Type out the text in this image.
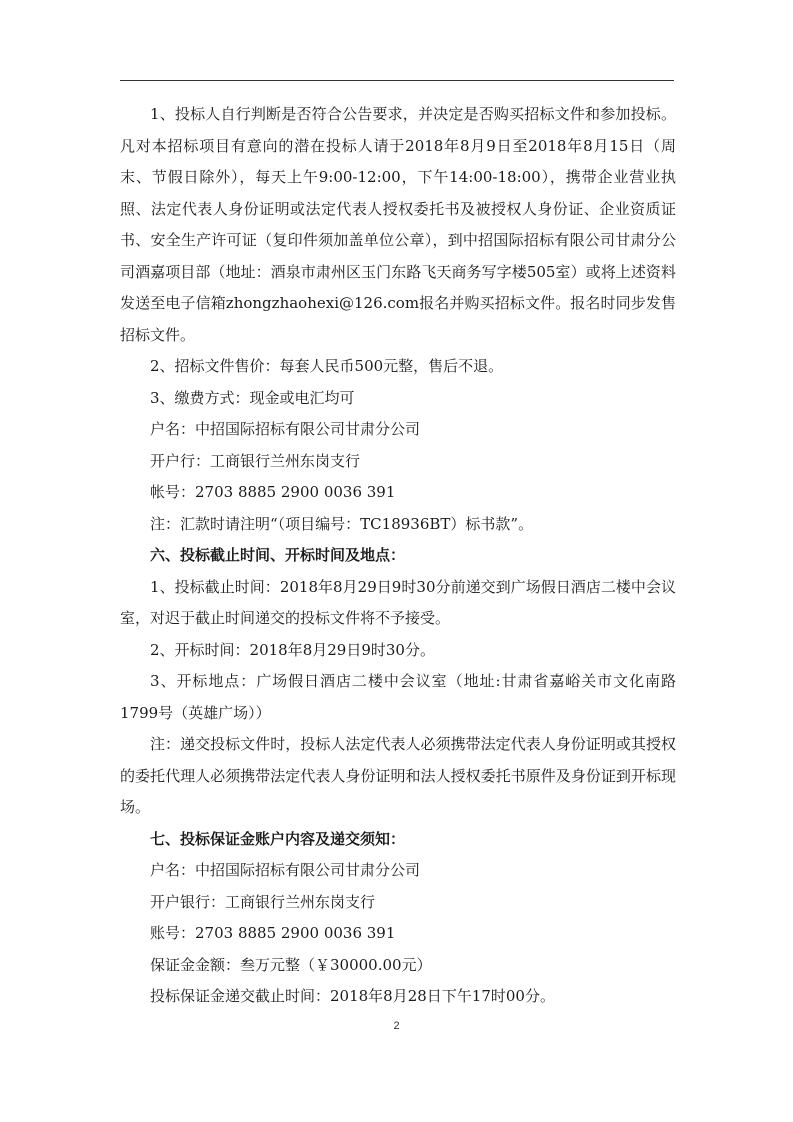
1、投标人自行判断是否符合公告要求，并决定是否购买招标文件和参加投标。凡对本招标项目有意向的潜在投标人请于2018年8月9日至2018年8月15日（周末、节假日除外），每天上午9:00-12:00，下午14:00-18:00），携带企业营业执照、法定代表人身份证明或法定代表人授权委托书及被授权人身份证、企业资质证书、安全生产许可证（复印件须加盖单位公章），到中招国际招标有限公司甘肃分公司酒嘉项目部（地址：酒泉市肃州区玉门东路飞天商务写字楼505室）或将上述资料发送至电子信箱zhongzhaohexi@126.com报名并购买招标文件。报名时同步发售招标文件。

2、招标文件售价：每套人民币500元整，售后不退。

3、缴费方式：现金或电汇均可

户名：中招国际招标有限公司甘肃分公司

开户行：工商银行兰州东岗支行

帐号：2703 8885 2900 0036 391

注：汇款时请注明“（项目编号：TC18936BT）标书款”。

六、投标截止时间、开标时间及地点：

1、投标截止时间：2018年8月29日9时30分前递交到广场假日酒店二楼中会议室，对迟于截止时间递交的投标文件将不予接受。

2、开标时间：2018年8月29日9时30分。

3、开标地点：广场假日酒店二楼中会议室（地址:甘肃省嘉峪关市文化南路1799号（英雄广场））

注：递交投标文件时，投标人法定代表人必须携带法定代表人身份证明或其授权的委托代理人必须携带法定代表人身份证明和法人授权委托书原件及身份证到开标现场。

七、投标保证金账户内容及递交须知：

户名：中招国际招标有限公司甘肃分公司

开户银行：工商银行兰州东岗支行

账号：2703 8885 2900 0036 391

保证金金额：叁万元整（￥30000.00元）

投标保证金递交截止时间：2018年8月28日下午17时00分。

2
